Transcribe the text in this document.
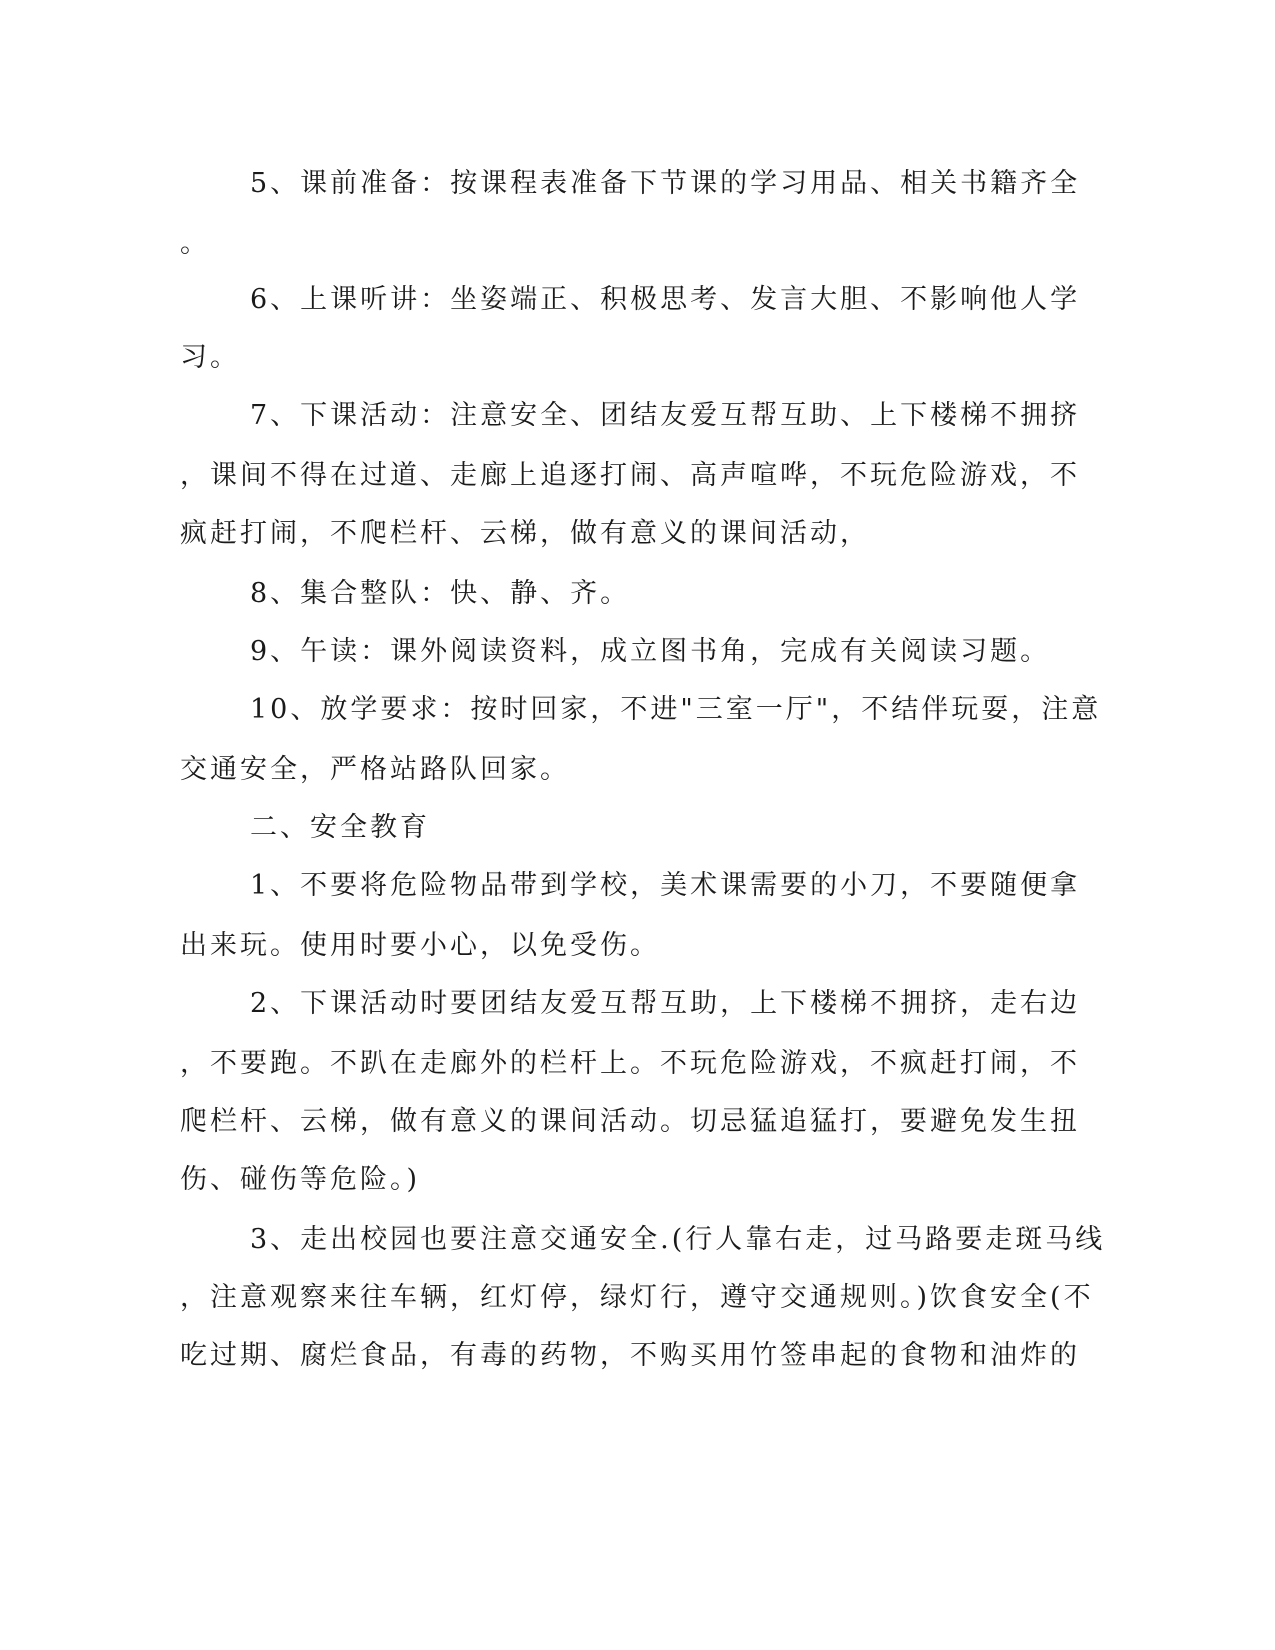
5、课前准备：按课程表准备下节课的学习用品、相关书籍齐全
。
6、上课听讲：坐姿端正、积极思考、发言大胆、不影响他人学
习。
7、下课活动：注意安全、团结友爱互帮互助、上下楼梯不拥挤
，课间不得在过道、走廊上追逐打闹、高声喧哗，不玩危险游戏，不
疯赶打闹，不爬栏杆、云梯，做有意义的课间活动，
8、集合整队：快、静、齐。
9、午读：课外阅读资料，成立图书角，完成有关阅读习题。
10、放学要求：按时回家，不进"三室一厅"，不结伴玩耍，注意
交通安全，严格站路队回家。
二、安全教育
1、不要将危险物品带到学校，美术课需要的小刀，不要随便拿
出来玩。使用时要小心，以免受伤。
2、下课活动时要团结友爱互帮互助，上下楼梯不拥挤，走右边
，不要跑。不趴在走廊外的栏杆上。不玩危险游戏，不疯赶打闹，不
爬栏杆、云梯，做有意义的课间活动。切忌猛追猛打，要避免发生扭
伤、碰伤等危险。)
3、走出校园也要注意交通安全.(行人靠右走，过马路要走斑马线
，注意观察来往车辆，红灯停，绿灯行，遵守交通规则。)饮食安全(不
吃过期、腐烂食品，有毒的药物，不购买用竹签串起的食物和油炸的
